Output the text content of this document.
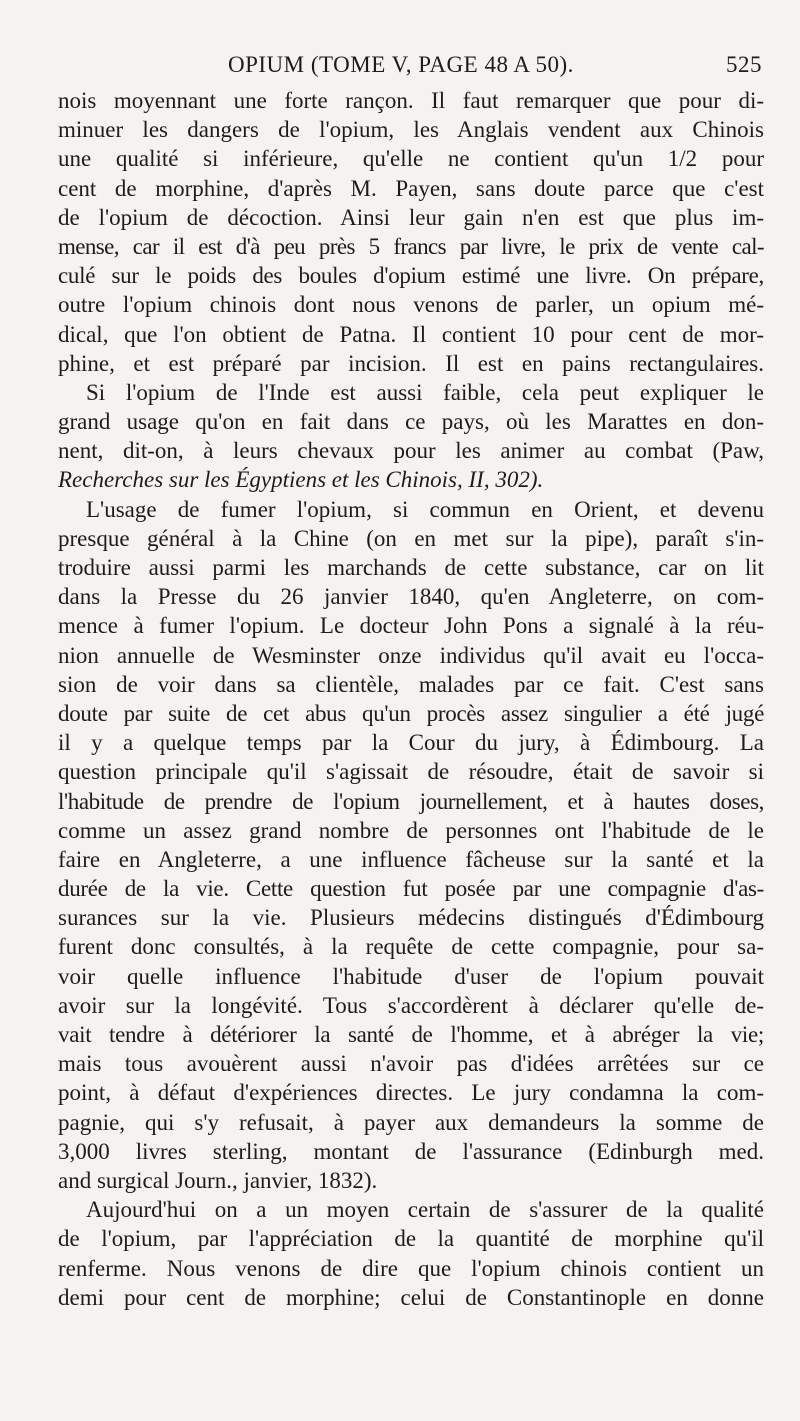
OPIUM (TOME V, PAGE 48 A 50).	525

nois moyennant une forte rançon. Il faut remarquer que pour di-
minuer les dangers de l'opium, les Anglais vendent aux Chinois
une qualité si inférieure, qu'elle ne contient qu'un 1/2 pour
cent de morphine, d'après M. Payen, sans doute parce que c'est
de l'opium de décoction. Ainsi leur gain n'en est que plus im-
mense, car il est d'à peu près 5 francs par livre, le prix de vente cal-
culé sur le poids des boules d'opium estimé une livre. On prépare,
outre l'opium chinois dont nous venons de parler, un opium mé-
dical, que l'on obtient de Patna. Il contient 10 pour cent de mor-
phine, et est préparé par incision. Il est en pains rectangulaires.

Si l'opium de l'Inde est aussi faible, cela peut expliquer le
grand usage qu'on en fait dans ce pays, où les Marattes en don-
nent, dit-on, à leurs chevaux pour les animer au combat (Paw,
Recherches sur les Égyptiens et les Chinois, II, 302).

L'usage de fumer l'opium, si commun en Orient, et devenu
presque général à la Chine (on en met sur la pipe), paraît s'in-
troduire aussi parmi les marchands de cette substance, car on lit
dans la Presse du 26 janvier 1840, qu'en Angleterre, on com-
mence à fumer l'opium. Le docteur John Pons a signalé à la réu-
nion annuelle de Wesminster onze individus qu'il avait eu l'occa-
sion de voir dans sa clientèle, malades par ce fait. C'est sans
doute par suite de cet abus qu'un procès assez singulier a été jugé
il y a quelque temps par la Cour du jury, à Édimbourg. La
question principale qu'il s'agissait de résoudre, était de savoir si
l'habitude de prendre de l'opium journellement, et à hautes doses,
comme un assez grand nombre de personnes ont l'habitude de le
faire en Angleterre, a une influence fâcheuse sur la santé et la
durée de la vie. Cette question fut posée par une compagnie d'as-
surances sur la vie. Plusieurs médecins distingués d'Édimbourg
furent donc consultés, à la requête de cette compagnie, pour sa-
voir quelle influence l'habitude d'user de l'opium pouvait
avoir sur la longévité. Tous s'accordèrent à déclarer qu'elle de-
vait tendre à détériorer la santé de l'homme, et à abréger la vie;
mais tous avouèrent aussi n'avoir pas d'idées arrêtées sur ce
point, à défaut d'expériences directes. Le jury condamna la com-
pagnie, qui s'y refusait, à payer aux demandeurs la somme de
3,000 livres sterling, montant de l'assurance (Edinburgh med.
and surgical Journ., janvier, 1832).

Aujourd'hui on a un moyen certain de s'assurer de la qualité
de l'opium, par l'appréciation de la quantité de morphine qu'il
renferme. Nous venons de dire que l'opium chinois contient un
demi pour cent de morphine; celui de Constantinople en donne
